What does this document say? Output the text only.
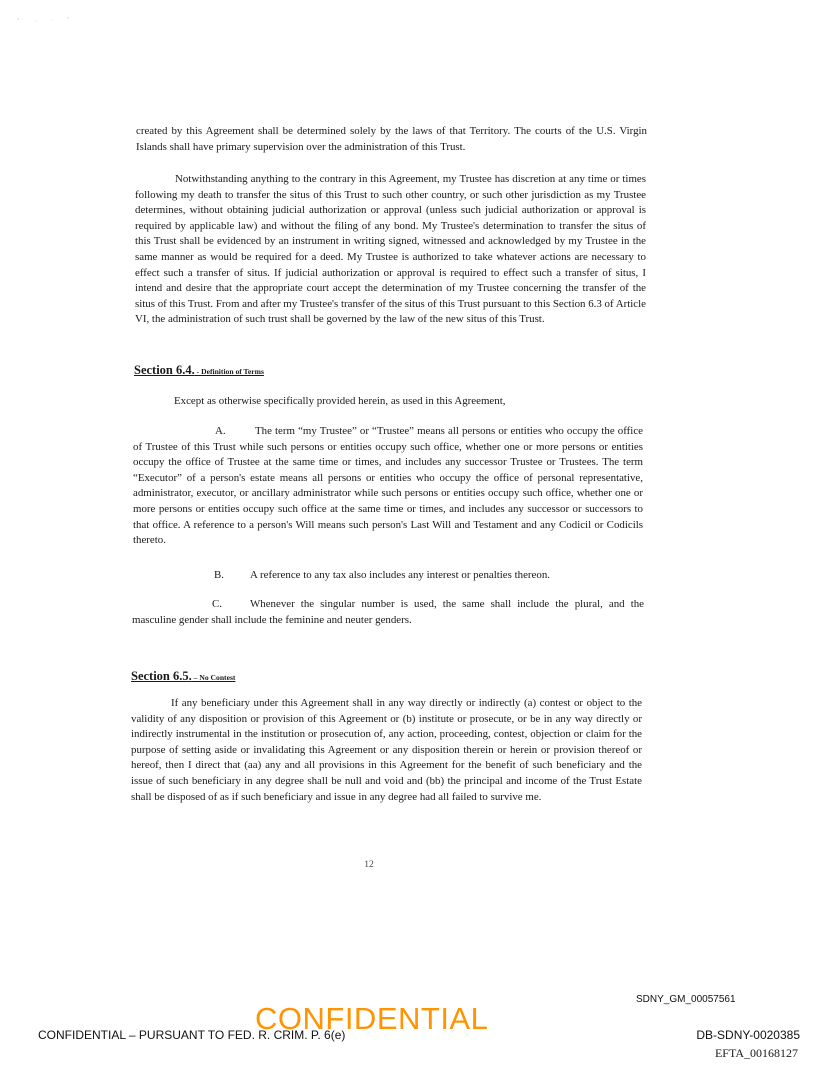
created by this Agreement shall be determined solely by the laws of that Territory. The courts of the U.S. Virgin Islands shall have primary supervision over the administration of this Trust.

Notwithstanding anything to the contrary in this Agreement, my Trustee has discretion at any time or times following my death to transfer the situs of this Trust to such other country, or such other jurisdiction as my Trustee determines, without obtaining judicial authorization or approval (unless such judicial authorization or approval is required by applicable law) and without the filing of any bond. My Trustee's determination to transfer the situs of this Trust shall be evidenced by an instrument in writing signed, witnessed and acknowledged by my Trustee in the same manner as would be required for a deed. My Trustee is authorized to take whatever actions are necessary to effect such a transfer of situs. If judicial authorization or approval is required to effect such a transfer of situs, I intend and desire that the appropriate court accept the determination of my Trustee concerning the transfer of the situs of this Trust. From and after my Trustee's transfer of the situs of this Trust pursuant to this Section 6.3 of Article VI, the administration of such trust shall be governed by the law of the new situs of this Trust.

Section 6.4. - Definition of Terms

Except as otherwise specifically provided herein, as used in this Agreement,

A.	The term “my Trustee” or “Trustee” means all persons or entities who occupy the office of Trustee of this Trust while such persons or entities occupy such office, whether one or more persons or entities occupy the office of Trustee at the same time or times, and includes any successor Trustee or Trustees. The term “Executor” of a person's estate means all persons or entities who occupy the office of personal representative, administrator, executor, or ancillary administrator while such persons or entities occupy such office, whether one or more persons or entities occupy such office at the same time or times, and includes any successor or successors to that office. A reference to a person's Will means such person's Last Will and Testament and any Codicil or Codicils thereto.

B. A reference to any tax also includes any interest or penalties thereon.

C.	Whenever the singular number is used, the same shall include the plural, and the masculine gender shall include the feminine and neuter genders.

Section 6.5. – No Contest

If any beneficiary under this Agreement shall in any way directly or indirectly (a) contest or object to the validity of any disposition or provision of this Agreement or (b) institute or prosecute, or be in any way directly or indirectly instrumental in the institution or prosecution of, any action, proceeding, contest, objection or claim for the purpose of setting aside or invalidating this Agreement or any disposition therein or herein or provision thereof or hereof, then I direct that (aa) any and all provisions in this Agreement for the benefit of such beneficiary and the issue of such beneficiary in any degree shall be null and void and (bb) the principal and income of the Trust Estate shall be disposed of as if such beneficiary and issue in any degree had all failed to survive me.

12
SDNY_GM_00057561
CONFIDENTIAL – PURSUANT TO FED. R. CRIM. P. 6(e)
CONFIDENTIAL	DB-SDNY-0020385
EFTA_00168127
